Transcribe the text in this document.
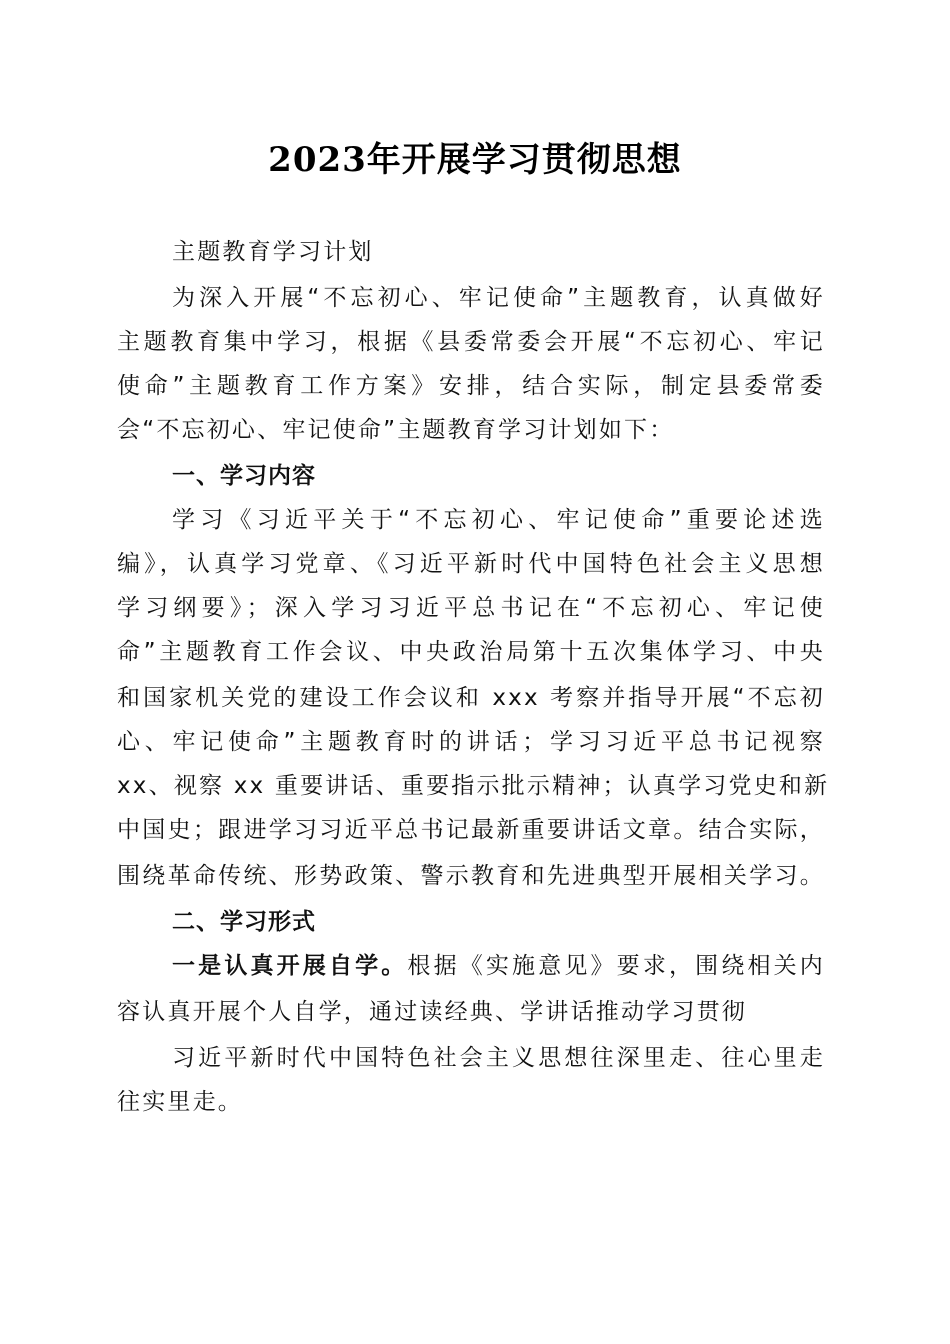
2023年开展学习贯彻思想
主题教育学习计划
为深入开展“不忘初心、牢记使命”主题教育，认真做好
主题教育集中学习，根据《县委常委会开展“不忘初心、牢记
使命”主题教育工作方案》安排，结合实际，制定县委常委
会“不忘初心、牢记使命”主题教育学习计划如下：
一、学习内容
学习《习近平关于“不忘初心、牢记使命”重要论述选
编》，认真学习党章、《习近平新时代中国特色社会主义思想
学习纲要》；深入学习习近平总书记在“不忘初心、牢记使
命”主题教育工作会议、中央政治局第十五次集体学习、中央
和国家机关党的建设工作会议和 xxx 考察并指导开展“不忘初
心、牢记使命”主题教育时的讲话；学习习近平总书记视察
xx、视察 xx 重要讲话、重要指示批示精神；认真学习党史和新
中国史；跟进学习习近平总书记最新重要讲话文章。结合实际，
围绕革命传统、形势政策、警示教育和先进典型开展相关学习。
二、学习形式
一是认真开展自学。根据《实施意见》要求，围绕相关内
容认真开展个人自学，通过读经典、学讲话推动学习贯彻
习近平新时代中国特色社会主义思想往深里走、往心里走
往实里走。
